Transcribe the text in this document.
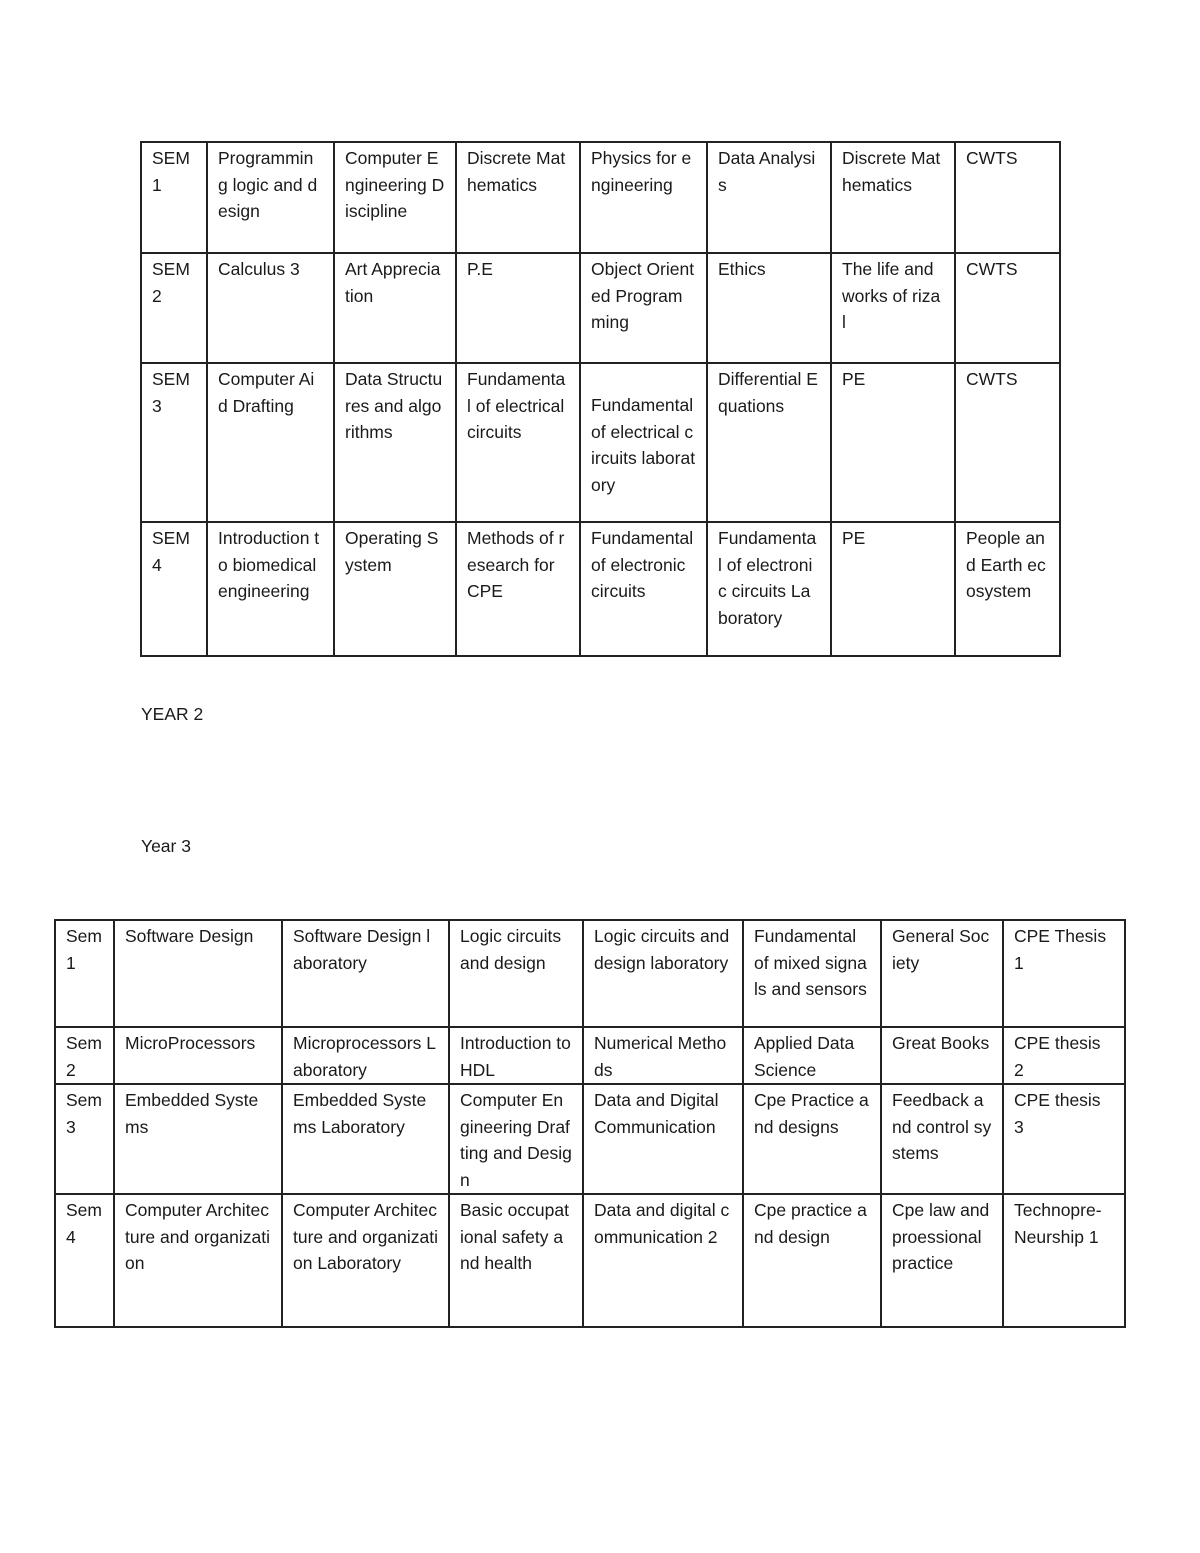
SEM 1	Programming logic and design	Computer Engineering Discipline	Discrete Mathematics	Physics for engineering	Data Analysis	Discrete Mathematics	CWTS
SEM 2	Calculus 3	Art Appreciation	P.E	Object Oriented Programming	Ethics	The life and works of rizal	CWTS
SEM 3	Computer Aid Drafting	Data Structures and algorithms	Fundamental of electrical circuits	Fundamental of electrical circuits laboratory	Differential Equations	PE	CWTS
SEM 4	Introduction to biomedical engineering	Operating System	Methods of research for CPE	Fundamental of electronic circuits	Fundamental of electronic circuits Laboratory	PE	People and Earth ecosystem

YEAR 2

Year 3

Sem 1	Software Design	Software Design laboratory	Logic circuits and design	Logic circuits and design laboratory	Fundamental of mixed signals and sensors	General Society	CPE Thesis 1
Sem 2	MicroProcessors	Microprocessors Laboratory	Introduction to HDL	Numerical Methods	Applied Data Science	Great Books	CPE thesis 2
Sem 3	Embedded Systems	Embedded Systems Laboratory	Computer Engineering Drafting and Design	Data and Digital Communication	Cpe Practice and designs	Feedback and control systems	CPE thesis 3
Sem 4	Computer Architecture and organization	Computer Architecture and organization Laboratory	Basic occupational safety and health	Data and digital communication 2	Cpe practice and design	Cpe law and proessional practice	Technopre-Neurship 1
